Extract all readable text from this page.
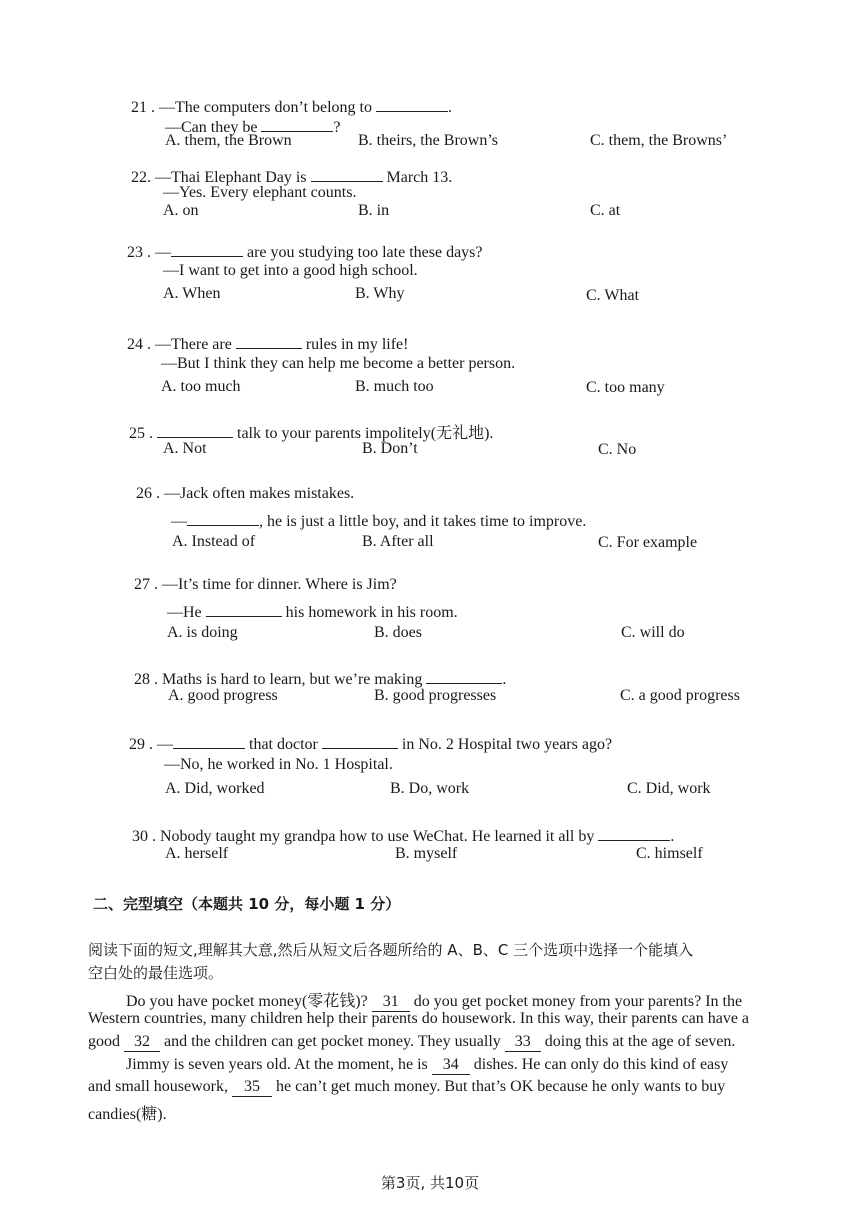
21 . —The computers don’t belong to	.
—Can they be	?
A. them, the Brown	B. theirs, the Brown’s	C. them, the Browns’
22. —Thai Elephant Day is	March 13.
—Yes. Every elephant counts.
A. on	B. in	C. at
23 . —	are you studying too late these days?
—I want to get into a good high school.
A. When	B. Why	C. What
24 . —There are	rules in my life!
—But I think they can help me become a better person.
A. too much	B. much too	C. too many
25 .	talk to your parents impolitely(无礼地).
A. Not	B. Don’t	C. No
26 . —Jack often makes mistakes.
—	, he is just a little boy, and it takes time to improve.
A. Instead of	B. After all	C. For example
27 . —It’s time for dinner. Where is Jim?
—He	his homework in his room.
A. is doing	B. does	C. will do
28 . Maths is hard to learn, but we’re making	.
A. good progress	B. good progresses	C. a good progress
29 . —	that doctor	in No. 2 Hospital two years ago?
—No, he worked in No. 1 Hospital.
A. Did, worked	B. Do, work	C. Did, work
30 . Nobody taught my grandpa how to use WeChat. He learned it all by	.
A. herself	B. myself	C. himself
二、完型填空（本题共 10 分，每小题 1 分）
阅读下面的短文,理解其大意,然后从短文后各题所给的 A、B、C 三个选项中选择一个能填入
空白处的最佳选项。
Do you have pocket money(零花钱)? 31 do you get pocket money from your parents? In the
Western countries, many children help their parents do housework. In this way, their parents can have a
good 32 and the children can get pocket money. They usually 33 doing this at the age of seven.
Jimmy is seven years old. At the moment, he is 34 dishes. He can only do this kind of easy
and small housework, 35 he can’t get much money. But that’s OK because he only wants to buy
candies(糖).
第3页, 共10页
